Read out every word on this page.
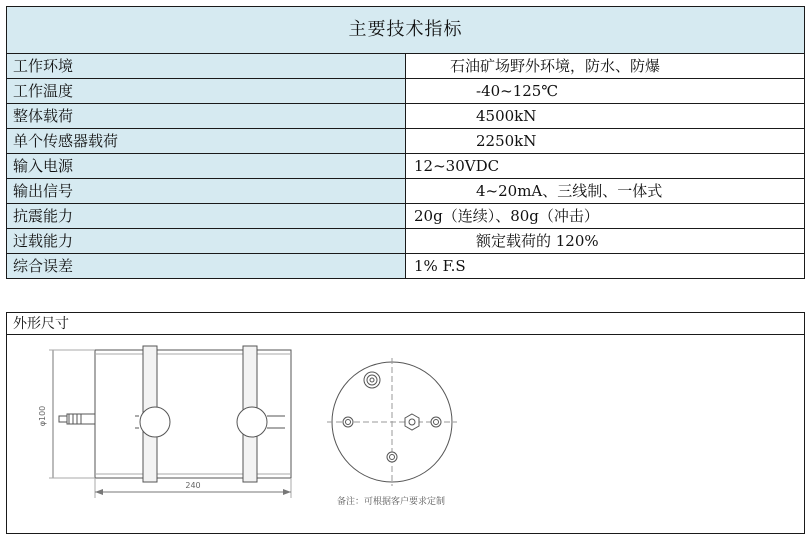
主要技术指标	
工作环境	石油矿场野外环境，防水、防爆
工作温度	-40~125℃
整体载荷	4500kN
单个传感器载荷	2250kN
输入电源	12~30VDC
输出信号	4~20mA、三线制、一体式
抗震能力	20g（连续）、80g（冲击）
过载能力	额定载荷的 120%
综合误差	1% F.S
外形尺寸
240
φ100
备注：可根据客户要求定制
